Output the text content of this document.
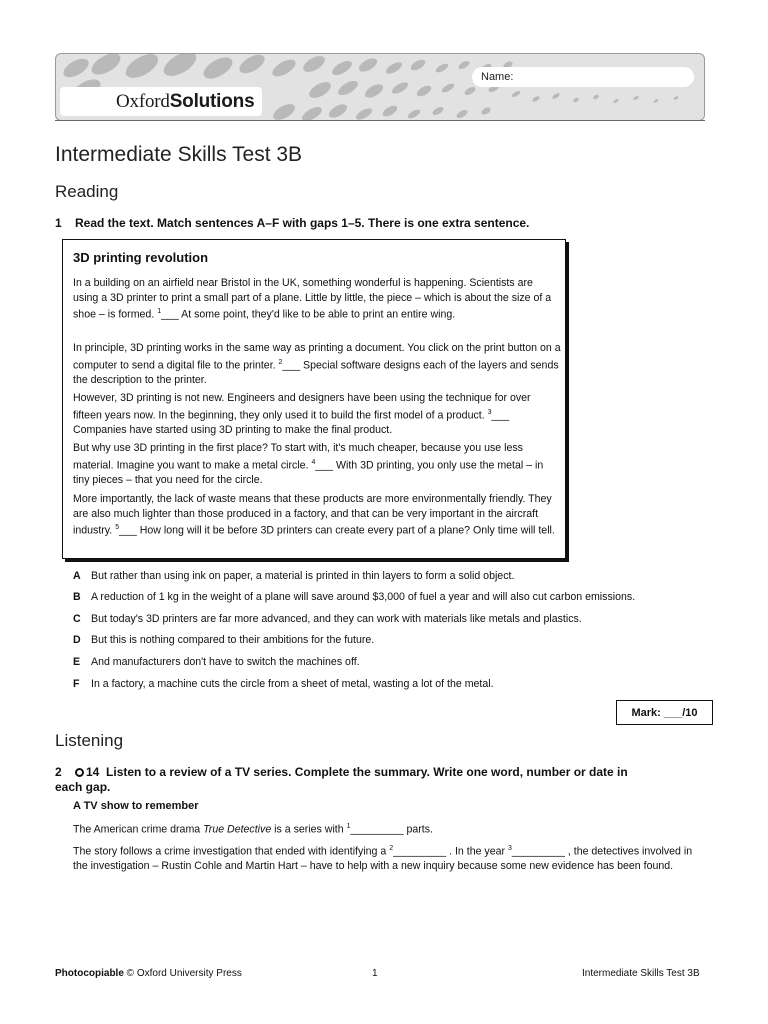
Oxford Solutions
Name:
Intermediate Skills Test 3B
Reading
1 Read the text. Match sentences A–F with gaps 1–5. There is one extra sentence.
3D printing revolution
In a building on an airfield near Bristol in the UK, something wonderful is happening. Scientists are using a 3D printer to print a small part of a plane. Little by little, the piece – which is about the size of a shoe – is formed. $^1$___ At some point, they'd like to be able to print an entire wing.
In principle, 3D printing works in the same way as printing a document. You click on the print button on a computer to send a digital file to the printer. $^2$___ Special software designs each of the layers and sends the description to the printer.
However, 3D printing is not new. Engineers and designers have been using the technique for over fifteen years now. In the beginning, they only used it to build the first model of a product. $^3$___ Companies have started using 3D printing to make the final product.
But why use 3D printing in the first place? To start with, it's much cheaper, because you use less material. Imagine you want to make a metal circle. $^4$___ With 3D printing, you only use the metal – in tiny pieces – that you need for the circle.
More importantly, the lack of waste means that these products are more environmentally friendly. They are also much lighter than those produced in a factory, and that can be very important in the aircraft industry. $^5$___ How long will it be before 3D printers can create every part of a plane? Only time will tell.
A But rather than using ink on paper, a material is printed in thin layers to form a solid object.
B A reduction of 1 kg in the weight of a plane will save around $3,000 of fuel a year and will also cut carbon emissions.
C But today's 3D printers are far more advanced, and they can work with materials like metals and plastics.
D But this is nothing compared to their ambitions for the future.
E And manufacturers don't have to switch the machines off.
F In a factory, a machine cuts the circle from a sheet of metal, wasting a lot of the metal.
Mark: ___/10
Listening
2 14 Listen to a review of a TV series. Complete the summary. Write one word, number or date in
each gap.
A TV show to remember
The American crime drama True Detective is a series with $^1$_________ parts.
The story follows a crime investigation that ended with identifying a $^2$_________ . In the year $^3$_________ , the detectives involved in the investigation – Rustin Cohle and Martin Hart – have to help with a new inquiry because some new evidence has been found.
Photocopiable © Oxford University Press	1	Intermediate Skills Test 3B
